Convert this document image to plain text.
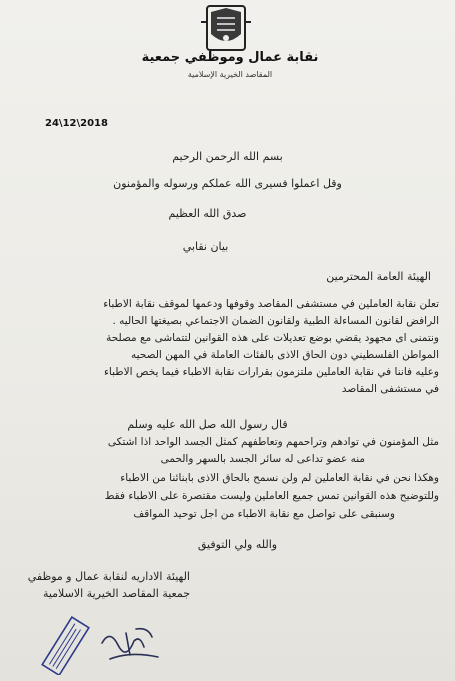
نقابة عمال وموظفي جمعية
المقاصد الخيرية الإسلامية
24\12\2018
بسم الله الرحمن الرحيم
وقل اعملوا فسيرى الله عملكم ورسوله والمؤمنون
صدق الله العظيم
بيان نقابي
الهيئة العامة المحترمين
تعلن نقابة العاملين في مستشفى المقاصد وقوفها ودعمها لموقف نقابة الاطباء
الرافض لقانون المساءلة الطبية ولقانون الضمان الاجتماعي بصيغتها الحاليه .
ونتمنى اى مجهود يقضي بوضع تعديلات على هذه القوانين لتتماشى مع مصلحة
المواطن الفلسطيني دون الحاق الاذى بالفئات العاملة في المهن الصحيه
وعليه فاننا في نقابة العاملين ملتزمون بقرارات نقابة الاطباء فيما يخص الاطباء
في مستشفى المقاصد
قال رسول الله صل الله عليه وسلم
مثل المؤمنون في توادهم وتراحمهم وتعاطفهم كمثل الجسد الواحد اذا اشتكى
منه عضو تداعى له سائر الجسد بالسهر والحمى
وهكذا نحن في نقابة العاملين لم ولن نسمح بالحاق الاذى بابنائنا من الاطباء
وللتوضيح هذه القوانين تمس جميع العاملين وليست مقتصرة على الاطباء فقط
وسنبقى على تواصل مع نقابة الاطباء من اجل توحيد المواقف
والله ولي التوفيق
الهيئة الاداريه لنقابة عمال و موظفي
جمعية المقاصد الخيرية الاسلامية
